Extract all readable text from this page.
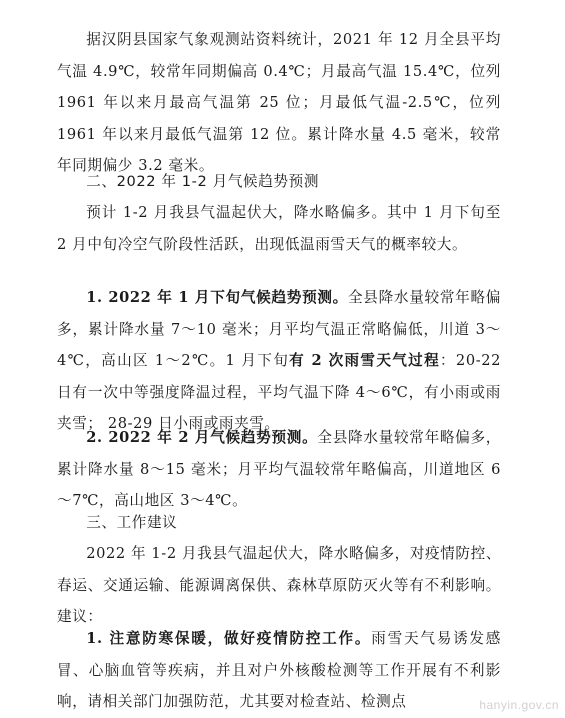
据汉阴县国家气象观测站资料统计，2021 年 12 月全县平均气温 4.9℃，较常年同期偏高 0.4℃；月最高气温 15.4℃，位列 1961 年以来月最高气温第 25 位；月最低气温-2.5℃，位列 1961 年以来月最低气温第 12 位。累计降水量 4.5 毫米，较常年同期偏少 3.2 毫米。

二、2022 年 1-2 月气候趋势预测

预计 1-2 月我县气温起伏大，降水略偏多。其中 1 月下旬至 2 月中旬冷空气阶段性活跃，出现低温雨雪天气的概率较大。

1. 2022 年 1 月下旬气候趋势预测。全县降水量较常年略偏多，累计降水量 7～10 毫米；月平均气温正常略偏低，川道 3～4℃，高山区 1～2℃。1 月下旬有 2 次雨雪天气过程：20-22 日有一次中等强度降温过程，平均气温下降 4～6℃，有小雨或雨夹雪； 28-29 日小雨或雨夹雪。

2. 2022 年 2 月气候趋势预测。全县降水量较常年略偏多，累计降水量 8～15 毫米；月平均气温较常年略偏高，川道地区 6～7℃，高山地区 3～4℃。

三、工作建议

2022 年 1-2 月我县气温起伏大，降水略偏多，对疫情防控、春运、交通运输、能源调离保供、森林草原防灭火等有不利影响。建议：

1. 注意防寒保暖，做好疫情防控工作。雨雪天气易诱发感冒、心脑血管等疾病，并且对户外核酸检测等工作开展有不利影响，请相关部门加强防范，尤其要对检查站、检测点	hanyin.gov.cn
